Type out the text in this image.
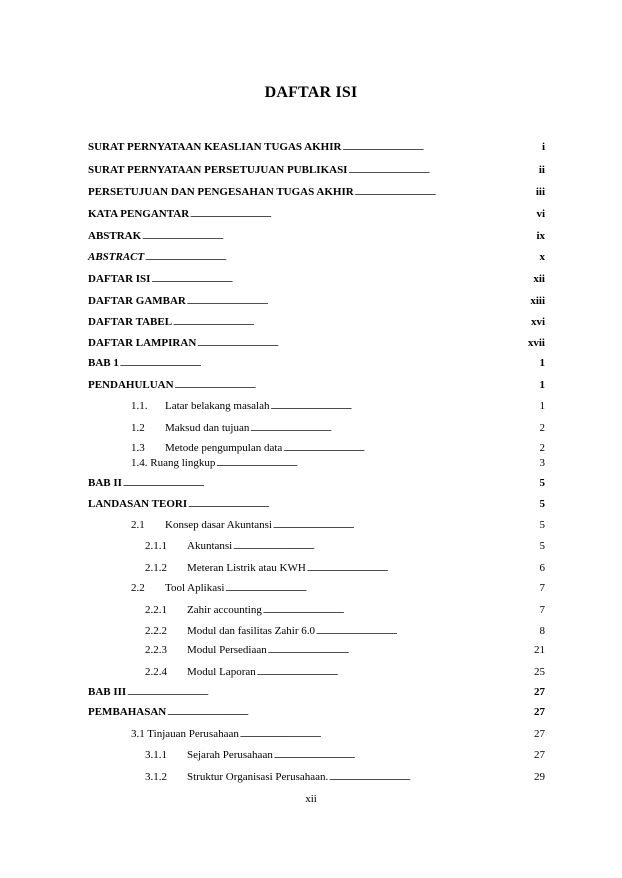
DAFTAR ISI
SURAT PERNYATAAN KEASLIAN TUGAS AKHIR . . .	i
SURAT PERNYATAAN PERSETUJUAN PUBLIKASI . . .	ii
PERSETUJUAN DAN PENGESAHAN TUGAS AKHIR . . .	iii
KATA PENGANTAR . . .	vi
ABSTRAK . . .	ix
ABSTRACT . . .	x
DAFTAR ISI . . .	xii
DAFTAR GAMBAR . . .	xiii
DAFTAR TABEL . . .	xvi
DAFTAR LAMPIRAN . . .	xvii
BAB 1 . . .	1
PENDAHULUAN . . .	1
1.1.	Latar belakang masalah . . .	1
1.2	Maksud dan tujuan . . .	2
1.3	Metode pengumpulan data . . .	2
1.4. Ruang lingkup . . .	3
BAB II . . .	5
LANDASAN TEORI . . .	5
2.1	Konsep dasar Akuntansi . . .	5
2.1.1	Akuntansi . . .	5
2.1.2	Meteran Listrik atau KWH . . .	6
2.2	Tool Aplikasi . . .	7
2.2.1	Zahir accounting . . .	7
2.2.2	Modul dan fasilitas Zahir 6.0 . . .	8
2.2.3	Modul Persediaan . . .	21
2.2.4	Modul Laporan . . .	25
BAB III . . .	27
PEMBAHASAN . . .	27
3.1 Tinjauan Perusahaan . . .	27
3.1.1	Sejarah Perusahaan . . .	27
3.1.2	Struktur Organisasi Perusahaan. . . .	29
xii
